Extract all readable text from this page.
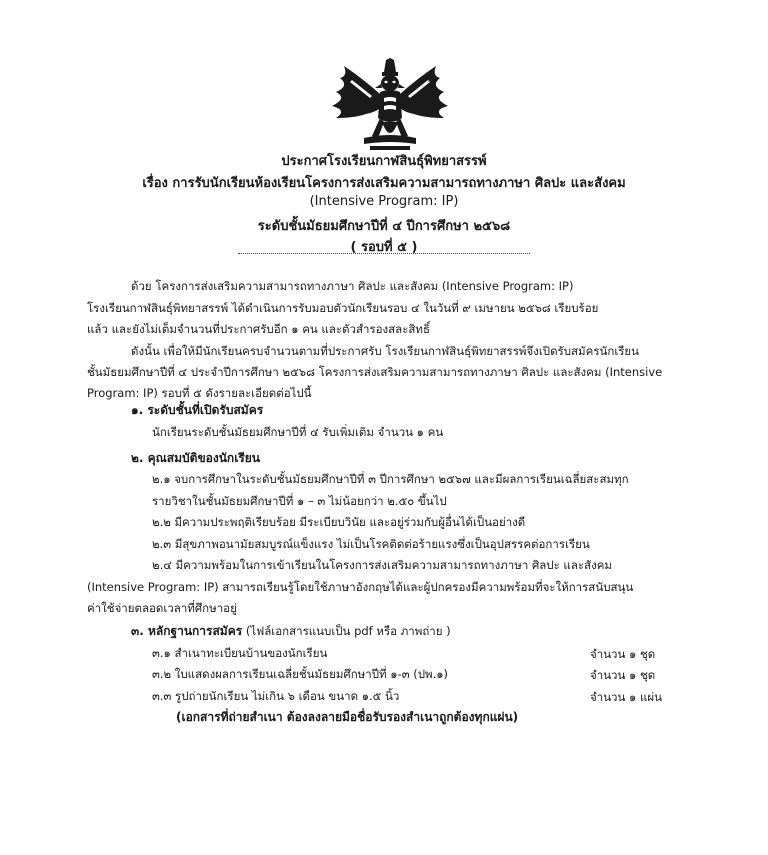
ประกาศโรงเรียนกาฬสินธุ์พิทยาสรรพ์
เรื่อง การรับนักเรียนห้องเรียนโครงการส่งเสริมความสามารถทางภาษา ศิลปะ และสังคม
(Intensive Program: IP)
ระดับชั้นมัธยมศึกษาปีที่ ๔ ปีการศึกษา ๒๕๖๘
( รอบที่ ๕ )
ด้วย โครงการส่งเสริมความสามารถทางภาษา ศิลปะ และสังคม (Intensive Program: IP)
โรงเรียนกาฬสินธุ์พิทยาสรรพ์ ได้ดำเนินการรับมอบตัวนักเรียนรอบ ๔ ในวันที่ ๙ เมษายน ๒๕๖๘ เรียบร้อย
แล้ว และยังไม่เต็มจำนวนที่ประกาศรับอีก ๑ คน และตัวสำรองสละสิทธิ์
ดังนั้น เพื่อให้มีนักเรียนครบจำนวนตามที่ประกาศรับ โรงเรียนกาฬสินธุ์พิทยาสรรพ์จึงเปิดรับสมัครนักเรียน
ชั้นมัธยมศึกษาปีที่ ๔ ประจำปีการศึกษา ๒๕๖๘ โครงการส่งเสริมความสามารถทางภาษา ศิลปะ และสังคม (Intensive
Program: IP) รอบที่ ๕ ดังรายละเอียดต่อไปนี้
๑. ระดับชั้นที่เปิดรับสมัคร
นักเรียนระดับชั้นมัธยมศึกษาปีที่ ๔ รับเพิ่มเติม จำนวน ๑ คน
๒. คุณสมบัติของนักเรียน
๒.๑ จบการศึกษาในระดับชั้นมัธยมศึกษาปีที่ ๓ ปีการศึกษา ๒๕๖๗ และมีผลการเรียนเฉลี่ยสะสมทุก
รายวิชาในชั้นมัธยมศึกษาปีที่ ๑ – ๓ ไม่น้อยกว่า ๒.๕๐ ขึ้นไป
๒.๒ มีความประพฤติเรียบร้อย มีระเบียบวินัย และอยู่ร่วมกับผู้อื่นได้เป็นอย่างดี
๒.๓ มีสุขภาพอนามัยสมบูรณ์แข็งแรง ไม่เป็นโรคติดต่อร้ายแรงซึ่งเป็นอุปสรรคต่อการเรียน
๒.๔ มีความพร้อมในการเข้าเรียนในโครงการส่งเสริมความสามารถทางภาษา ศิลปะ และสังคม
(Intensive Program: IP) สามารถเรียนรู้โดยใช้ภาษาอังกฤษได้และผู้ปกครองมีความพร้อมที่จะให้การสนับสนุน
ค่าใช้จ่ายตลอดเวลาที่ศึกษาอยู่
๓. หลักฐานการสมัคร (ไฟล์เอกสารแนบเป็น pdf หรือ ภาพถ่าย )
๓.๑ สำเนาทะเบียนบ้านของนักเรียน	จำนวน ๑ ชุด
๓.๒ ใบแสดงผลการเรียนเฉลี่ยชั้นมัธยมศึกษาปีที่ ๑-๓ (ปพ.๑)	จำนวน ๑ ชุด
๓.๓ รูปถ่ายนักเรียน ไม่เกิน ๖ เดือน ขนาด ๑.๕ นิ้ว	จำนวน ๑ แผ่น
(เอกสารที่ถ่ายสำเนา ต้องลงลายมือชื่อรับรองสำเนาถูกต้องทุกแผ่น)
